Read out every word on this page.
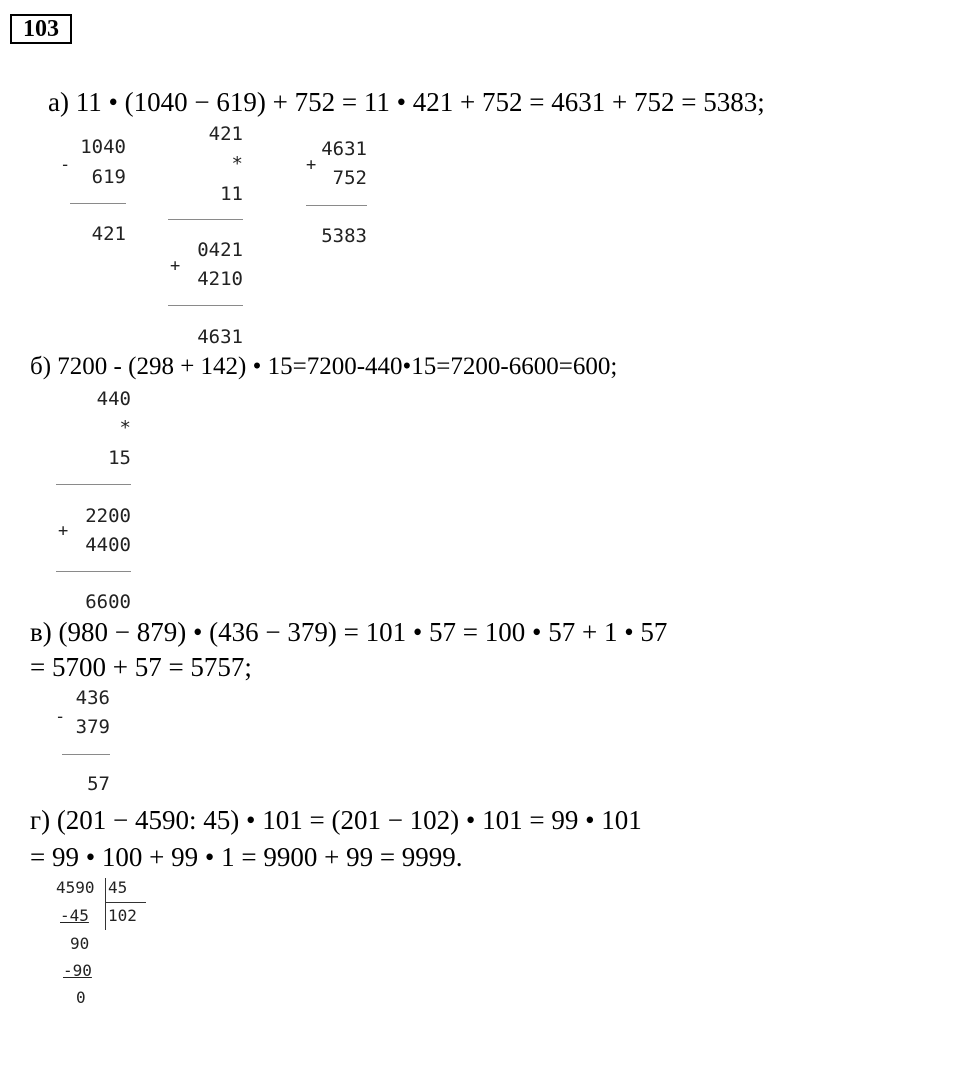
103
а) 11 • (1040 − 619) + 752 = 11 • 421 + 752 = 4631 + 752 = 5383;
1040
-
619
421
421
*
11
+
0421
4210
4631
+
4631
752
5383
б) 7200 - (298 + 142) • 15=7200-440•15=7200-6600=600;
440
*
15
+
2200
4400
6600
в) (980 − 879) • (436 − 379) = 101 • 57 = 100 • 57 + 1 • 57
= 5700 + 57 = 5757;
-
436
379
57
г) (201 − 4590: 45) • 101 = (201 − 102) • 101 = 99 • 101
= 99 • 100 + 99 • 1 = 9900 + 99 = 9999.
4590 45
102
-45
90
-90
0
